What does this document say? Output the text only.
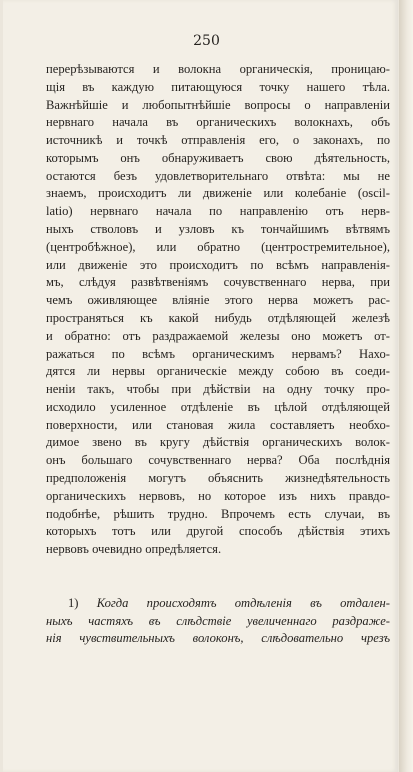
250

перерѣзываются и волокна органическія, проницаю-
щія въ каждую питающуюся точку нашего тѣла.
Важнѣйшіе и любопытнѣйшіе вопросы о направленіи
нервнаго начала въ органическихъ волокнахъ, объ
источникѣ и точкѣ отправленія его, о законахъ, по
которымъ онъ обнаруживаетъ свою дѣятельность,
остаются безъ удовлетворительнаго отвѣта: мы не
знаемъ, происходитъ ли движеніе или колебаніе (oscil-
latio) нервнаго начала по направленію отъ нерв-
ныхъ стволовъ и узловъ къ тончайшимъ вѣтвямъ
(центробѣжное), или обратно (центростремительное),
или движеніе это происходитъ по всѣмъ направленія-
мъ, слѣдуя развѣтвеніямъ сочувственнаго нерва, при
чемъ оживляющее вліяніе этого нерва можетъ рас-
пространяться къ какой нибудь отдѣляющей железѣ
и обратно: отъ раздражаемой железы оно можетъ от-
ражаться по всѣмъ органическимъ нервамъ? Нахо-
дятся ли нервы органическіе между собою въ соеди-
неніи такъ, чтобы при дѣйствіи на одну точку про-
исходило усиленное отдѣленіе въ цѣлой отдѣляющей
поверхности, или становая жила составляетъ необхо-
димое звено въ кругу дѣйствія органическихъ волок-
онъ большаго сочувственнаго нерва? Оба послѣднія
предположенія могутъ объяснить жизнедѣятельность
органическихъ нервовъ, но которое изъ нихъ правдо-
подобнѣе, рѣшить трудно. Впрочемъ есть случаи, въ
которыхъ тотъ или другой способъ дѣйствія этихъ
нервовъ очевидно опредѣляется.
1) Когда происходятъ отдѣленія въ отдален-
ныхъ частяхъ въ слѣдствіе увеличеннаго раздраже-
нія чувствительныхъ волоконъ, слѣдовательно чрезъ
